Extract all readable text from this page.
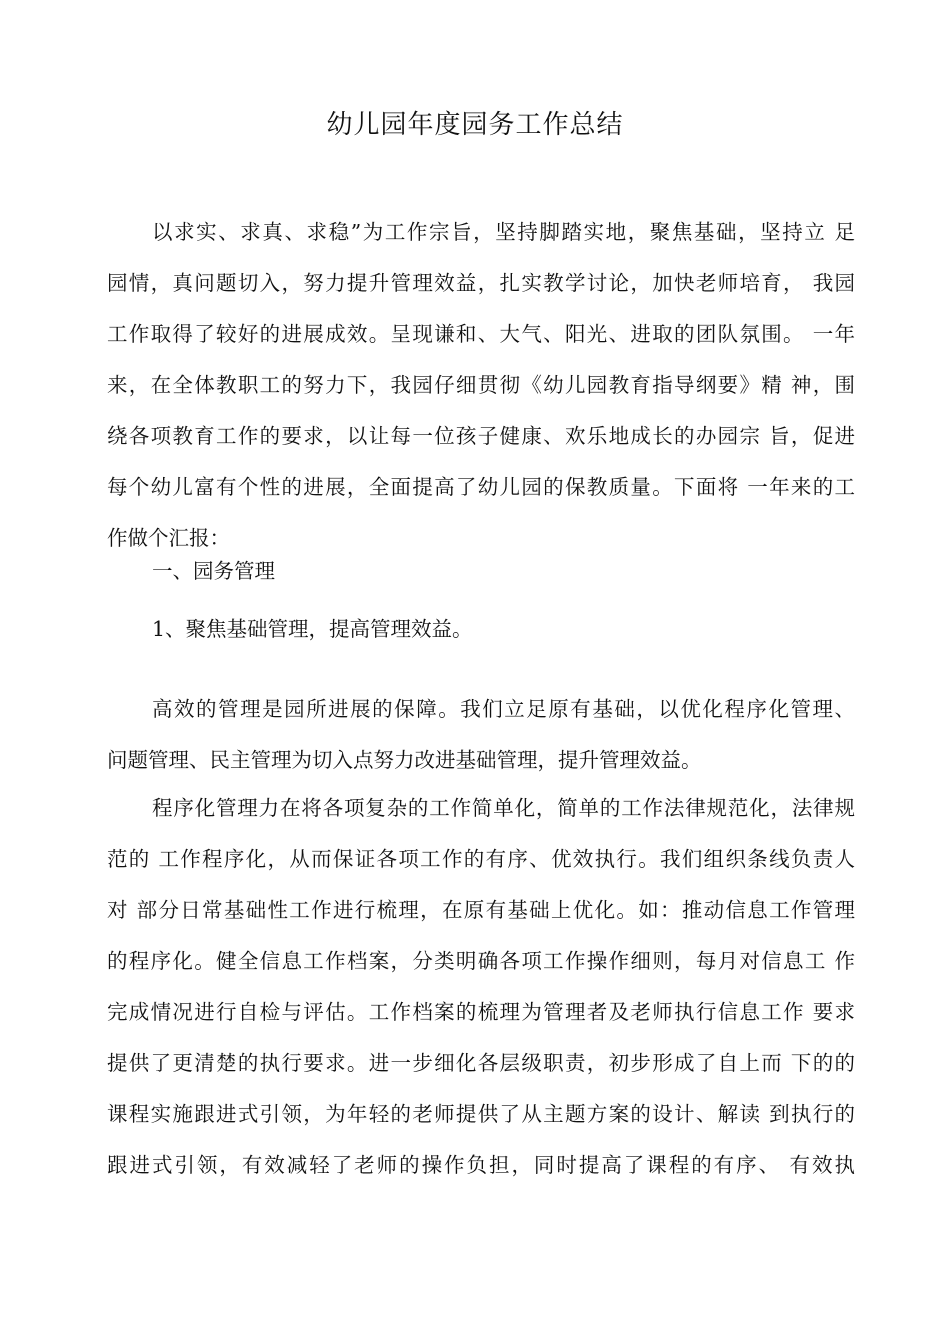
幼儿园年度园务工作总结
以求实、求真、求稳”为工作宗旨，坚持脚踏实地，聚焦基础，坚持立 足
园情，真问题切入，努力提升管理效益，扎实教学讨论，加快老师培育， 我园
工作取得了较好的进展成效。呈现谦和、大气、阳光、进取的团队氛围。 一年
来，在全体教职工的努力下，我园仔细贯彻《幼儿园教育指导纲要》精 神，围
绕各项教育工作的要求，以让每一位孩子健康、欢乐地成长的办园宗 旨，促进
每个幼儿富有个性的进展，全面提高了幼儿园的保教质量。下面将 一年来的工
作做个汇报：
一、园务管理
1、聚焦基础管理，提高管理效益。
高效的管理是园所进展的保障。我们立足原有基础，以优化程序化管理、
问题管理、民主管理为切入点努力改进基础管理，提升管理效益。
程序化管理力在将各项复杂的工作简单化，简单的工作法律规范化，法律规
范的 工作程序化，从而保证各项工作的有序、优效执行。我们组织条线负责人
对 部分日常基础性工作进行梳理，在原有基础上优化。如：推动信息工作管理
的程序化。健全信息工作档案，分类明确各项工作操作细则，每月对信息工 作
完成情况进行自检与评估。工作档案的梳理为管理者及老师执行信息工作 要求
提供了更清楚的执行要求。进一步细化各层级职责，初步形成了自上而 下的的
课程实施跟进式引领，为年轻的老师提供了从主题方案的设计、解读 到执行的
跟进式引领，有效减轻了老师的操作负担，同时提高了课程的有序、 有效执
